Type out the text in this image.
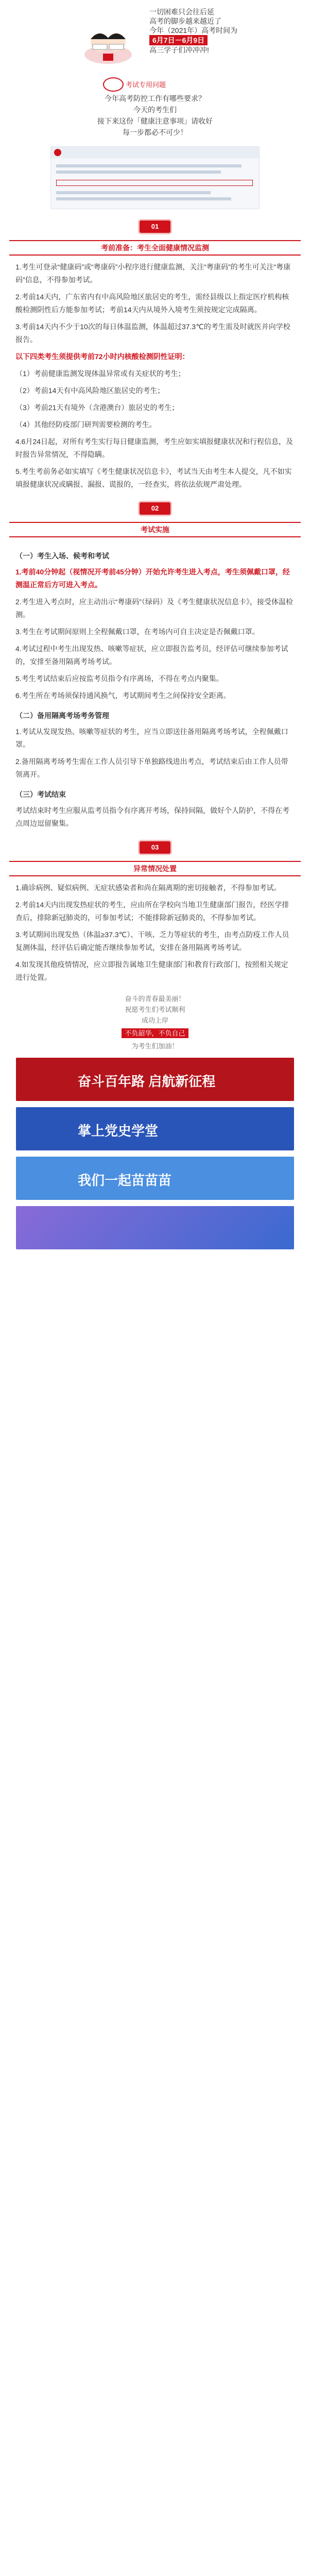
一切困难只会往后延
高考的脚步越来越近了
今年（2021年）高考时间为
6月7日－6月9日
高三学子们冲冲冲!
考试专用问题
今年高考防控工作有哪些要求？
今天的考生们
接下来这份「健康注意事项」请收好
每一步都必不可少！
01
考前准备：考生全面健康情况监测

1.考生可登录“健康码”或“粤康码”小程序进行健康监测，关注“粤康码”的考生可关注“粤康码”信息，不得参加考试。

2.考前14天内，广东省内有中高风险地区旅居史的考生，需经县级以上指定医疗机构核酸检测阴性后方能参加考试；考前14天内从境外入境考生须按规定完成隔离。

3.考前14天内不少于10次的每日体温监测，体温超过37.3℃的考生需及时就医并向学校报告。

以下四类考生须提供考前72小时内核酸检测阴性证明：

（1）考前健康监测发现体温异常或有关症状的考生；

（2）考前14天有中高风险地区旅居史的考生；

（3）考前21天有境外（含港澳台）旅居史的考生；

（4）其他经防疫部门研判需要检测的考生。

4.6月24日起，对所有考生实行每日健康监测，考生应如实填报健康状况和行程信息，及时报告异常情况，不得隐瞒。

5.考生考前务必如实填写《考生健康状况信息卡》，考试当天由考生本人提交，凡不如实填报健康状况或瞒报、漏报、谎报的，一经查实，将依法依规严肃处理。

02
考试实施
（一）考生入场、候考和考试

1.考前40分钟起（视情况开考前45分钟）开始允许考生进入考点，考生须佩戴口罩，经测温正常后方可进入考点。

2.考生进入考点时，应主动出示“粤康码”（绿码）及《考生健康状况信息卡》，接受体温检测。

3.考生在考试期间原则上全程佩戴口罩，在考场内可自主决定是否佩戴口罩。

4.考试过程中考生出现发热、咳嗽等症状，应立即报告监考员，经评估可继续参加考试的，安排至备用隔离考场考试。

5.考生考试结束后应按监考员指令有序离场，不得在考点内聚集。

6.考生所在考场须保持通风换气，考试期间考生之间保持安全距离。

（二）备用隔离考场考务管理

1.考试从发现发热、咳嗽等症状的考生，应当立即送往备用隔离考场考试，全程佩戴口罩。

2.备用隔离考场考生需在工作人员引导下单独路线进出考点，考试结束后由工作人员带领离开。

（三）考试结束

考试结束时考生应服从监考员指令有序离开考场，保持间隔，做好个人防护，不得在考点周边逗留聚集。

03
异常情况处置

1.确诊病例、疑似病例、无症状感染者和尚在隔离期的密切接触者，不得参加考试。

2.考前14天内出现发热症状的考生，应由所在学校向当地卫生健康部门报告，经医学排查后，排除新冠肺炎的，可参加考试；不能排除新冠肺炎的，不得参加考试。

3.考试期间出现发热（体温≥37.3℃）、干咳、乏力等症状的考生，由考点防疫工作人员复测体温，经评估后确定能否继续参加考试，安排在备用隔离考场考试。

4.如发现其他疫情情况，应立即报告属地卫生健康部门和教育行政部门，按照相关规定进行处置。

奋斗的青春最美丽！
祝愿考生们考试顺利
成功上岸
不负韶华，不负自己
为考生们加油！
奋斗百年路 启航新征程
掌上党史学堂
我们一起苗苗苗
